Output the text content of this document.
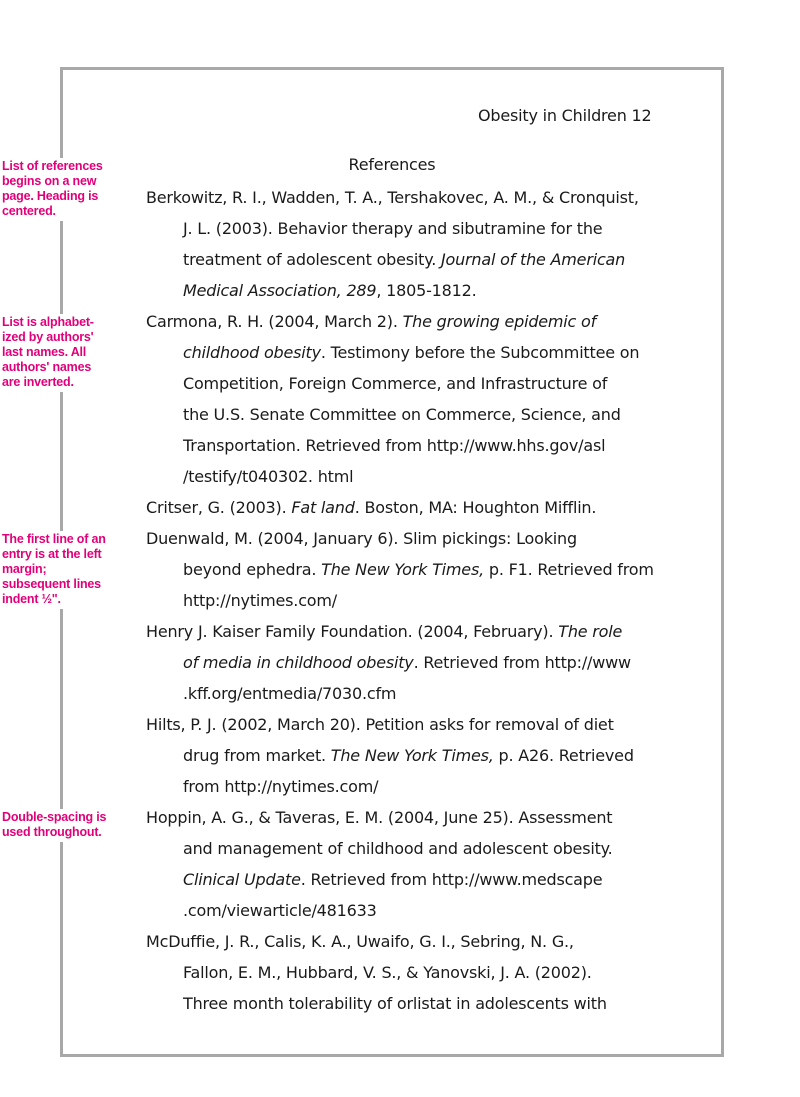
Obesity in Children 12
References
Berkowitz, R. I., Wadden, T. A., Tershakovec, A. M., & Cronquist,
J. L. (2003). Behavior therapy and sibutramine for the
treatment of adolescent obesity. Journal of the American
Medical Association, 289, 1805-1812.
Carmona, R. H. (2004, March 2). The growing epidemic of
childhood obesity. Testimony before the Subcommittee on
Competition, Foreign Commerce, and Infrastructure of
the U.S. Senate Committee on Commerce, Science, and
Transportation. Retrieved from http://www.hhs.gov/asl
/testify/t040302. html
Critser, G. (2003). Fat land. Boston, MA: Houghton Mifflin.
Duenwald, M. (2004, January 6). Slim pickings: Looking
beyond ephedra. The New York Times, p. F1. Retrieved from
http://nytimes.com/
Henry J. Kaiser Family Foundation. (2004, February). The role
of media in childhood obesity. Retrieved from http://www
.kff.org/entmedia/7030.cfm
Hilts, P. J. (2002, March 20). Petition asks for removal of diet
drug from market. The New York Times, p. A26. Retrieved
from http://nytimes.com/
Hoppin, A. G., & Taveras, E. M. (2004, June 25). Assessment
and management of childhood and adolescent obesity.
Clinical Update. Retrieved from http://www.medscape
.com/viewarticle/481633
McDuffie, J. R., Calis, K. A., Uwaifo, G. I., Sebring, N. G.,
Fallon, E. M., Hubbard, V. S., & Yanovski, J. A. (2002).
Three month tolerability of orlistat in adolescents with
List of references begins on a new page. Heading is centered.
List is alphabet-ized by authors' last names. All authors' names are inverted.
The first line of an entry is at the left margin; subsequent lines indent ½".
Double-spacing is used throughout.
